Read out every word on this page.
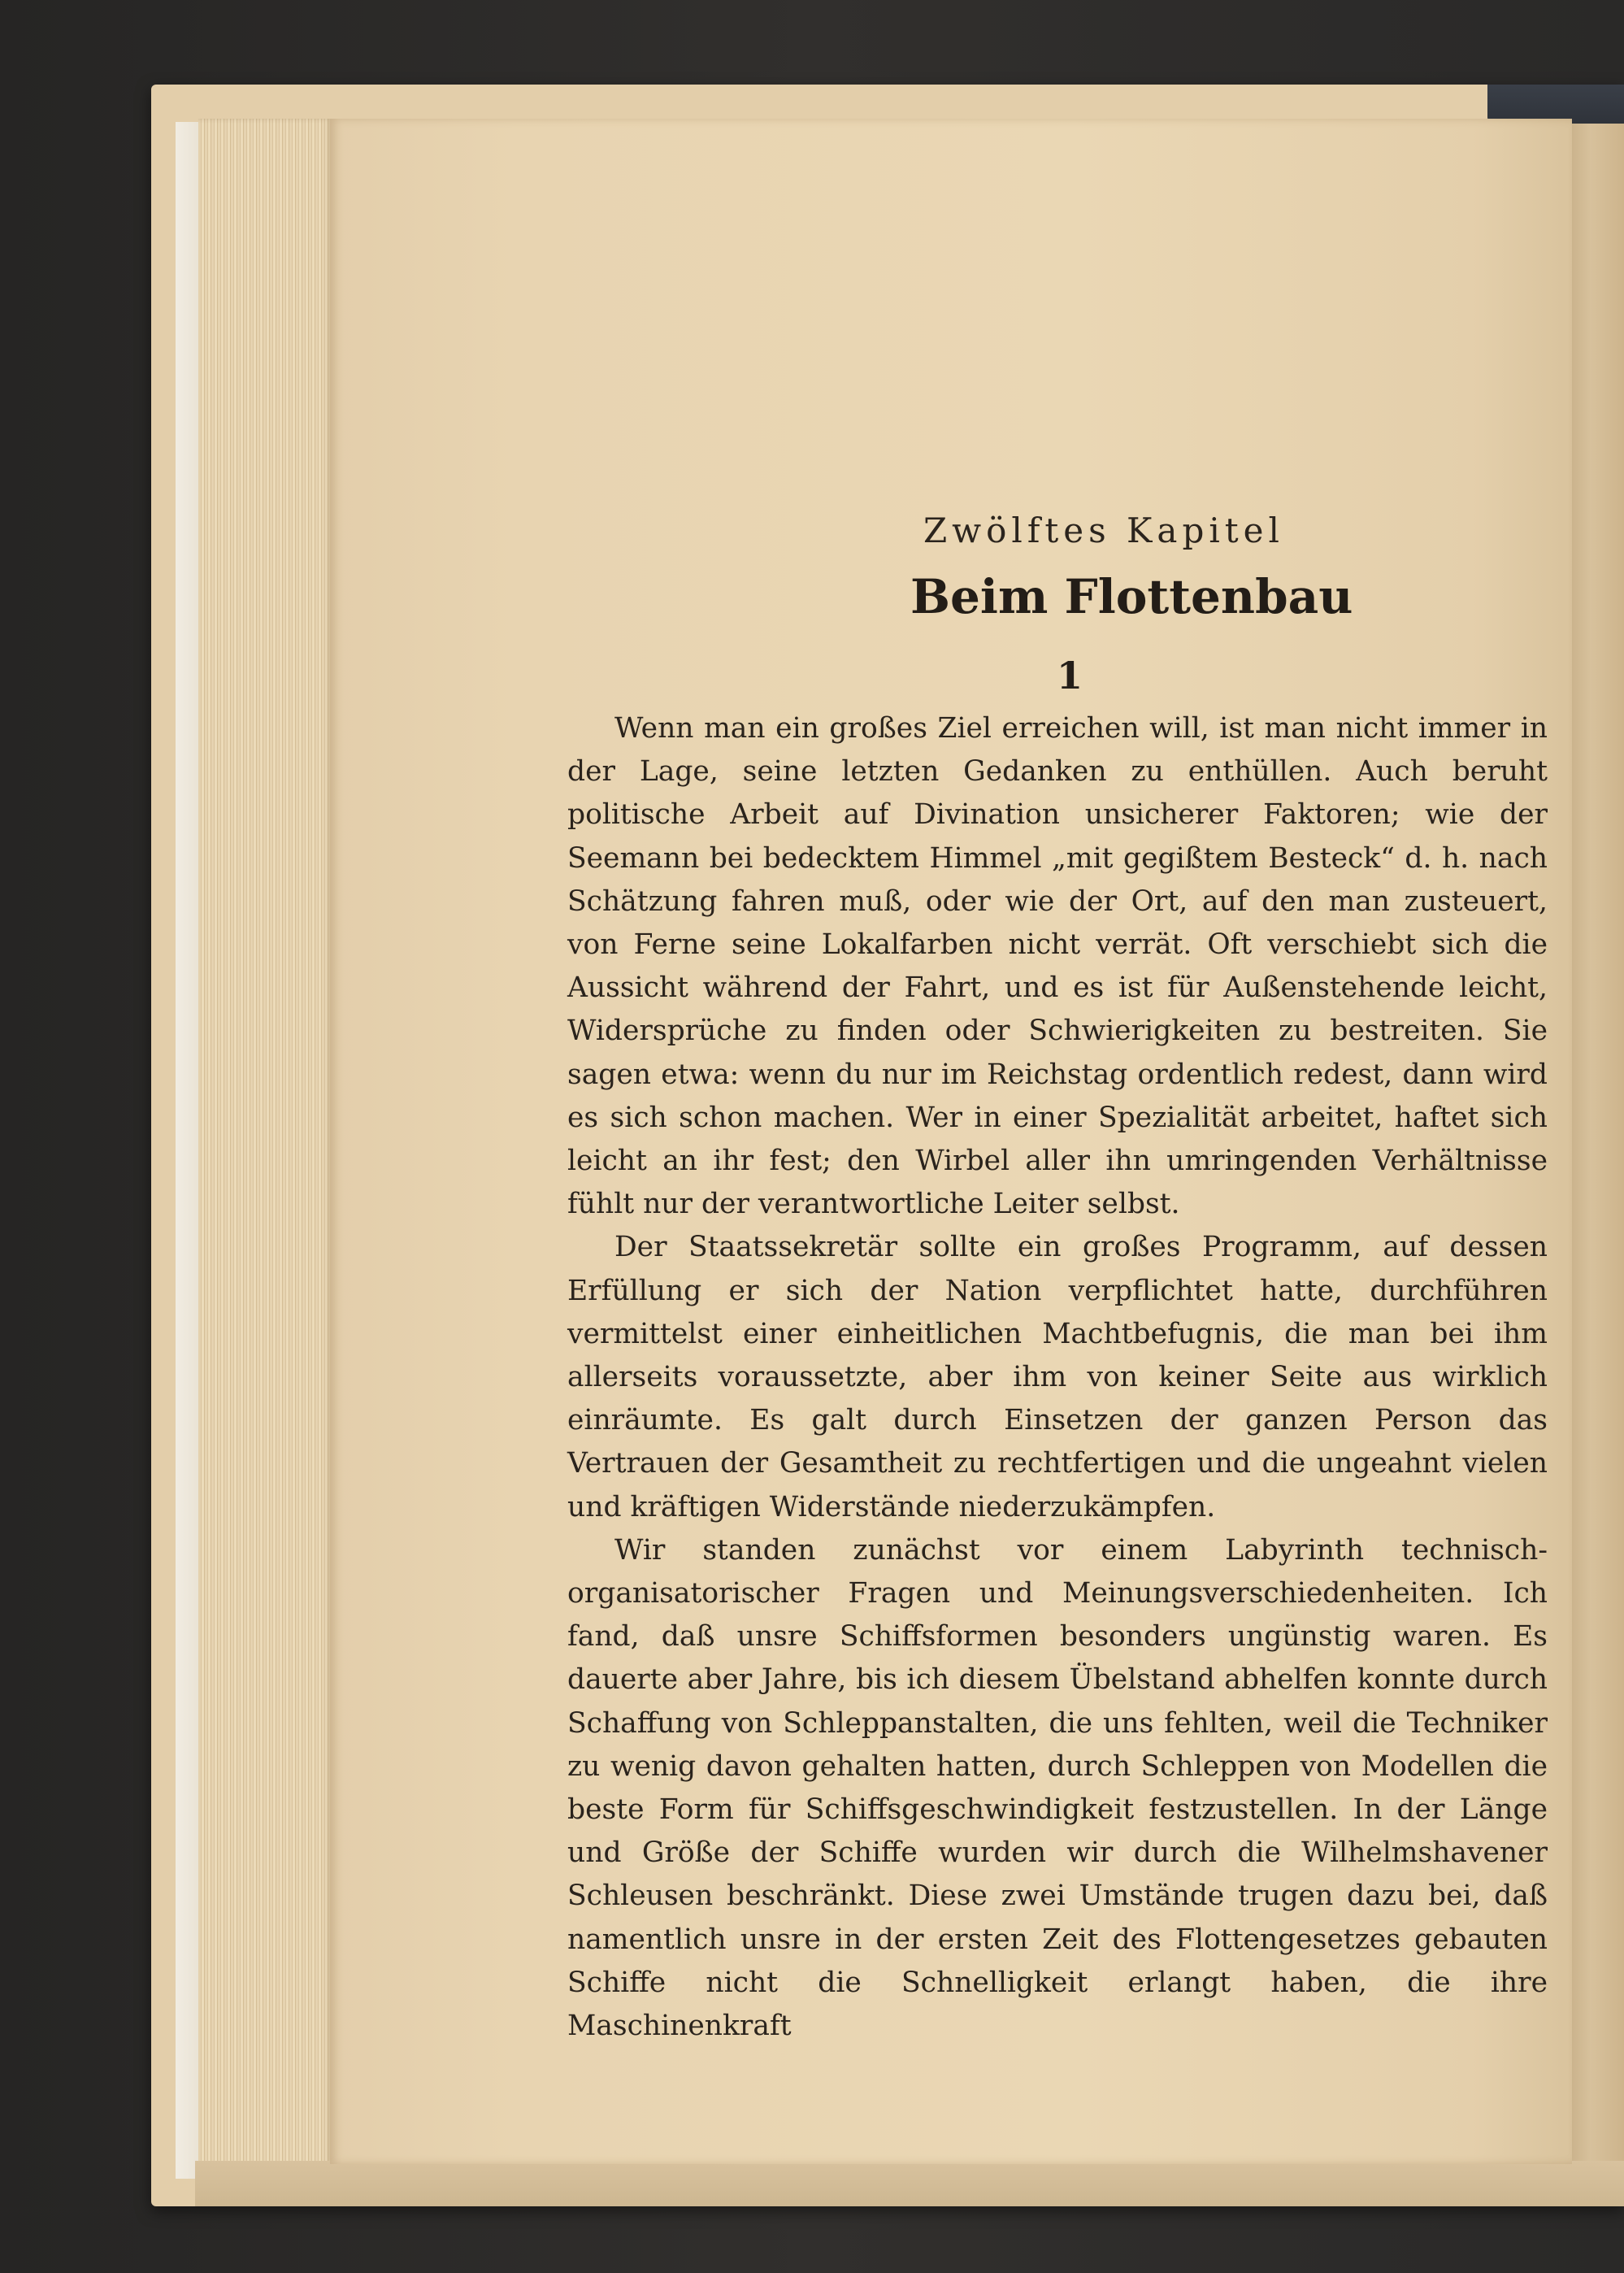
Zwölftes Kapitel
Beim Flottenbau
1

Wenn man ein großes Ziel erreichen will, ist man nicht immer in der Lage, seine letzten Gedanken zu enthüllen. Auch beruht politische Arbeit auf Divination unsicherer Faktoren; wie der Seemann bei bedecktem Himmel „mit gegißtem Besteck“ d. h. nach Schätzung fahren muß, oder wie der Ort, auf den man zusteuert, von Ferne seine Lokalfarben nicht verrät. Oft verschiebt sich die Aussicht während der Fahrt, und es ist für Außenstehende leicht, Widersprüche zu finden oder Schwierigkeiten zu bestreiten. Sie sagen etwa: wenn du nur im Reichstag ordentlich redest, dann wird es sich schon machen. Wer in einer Spezialität arbeitet, haftet sich leicht an ihr fest; den Wirbel aller ihn umringenden Verhältnisse fühlt nur der verantwortliche Leiter selbst.

Der Staatssekretär sollte ein großes Programm, auf dessen Erfüllung er sich der Nation verpflichtet hatte, durchführen vermittelst einer einheitlichen Machtbefugnis, die man bei ihm allerseits voraussetzte, aber ihm von keiner Seite aus wirklich einräumte. Es galt durch Einsetzen der ganzen Person das Vertrauen der Gesamtheit zu rechtfertigen und die ungeahnt vielen und kräftigen Widerstände niederzukämpfen.

Wir standen zunächst vor einem Labyrinth technisch-organisatorischer Fragen und Meinungsverschiedenheiten. Ich fand, daß unsre Schiffsformen besonders ungünstig waren. Es dauerte aber Jahre, bis ich diesem Übelstand abhelfen konnte durch Schaffung von Schleppanstalten, die uns fehlten, weil die Techniker zu wenig davon gehalten hatten, durch Schleppen von Modellen die beste Form für Schiffsgeschwindigkeit festzustellen. In der Länge und Größe der Schiffe wurden wir durch die Wilhelmshavener Schleusen beschränkt. Diese zwei Umstände trugen dazu bei, daß namentlich unsre in der ersten Zeit des Flottengesetzes gebauten Schiffe nicht die Schnelligkeit erlangt haben, die ihre Maschinenkraft
